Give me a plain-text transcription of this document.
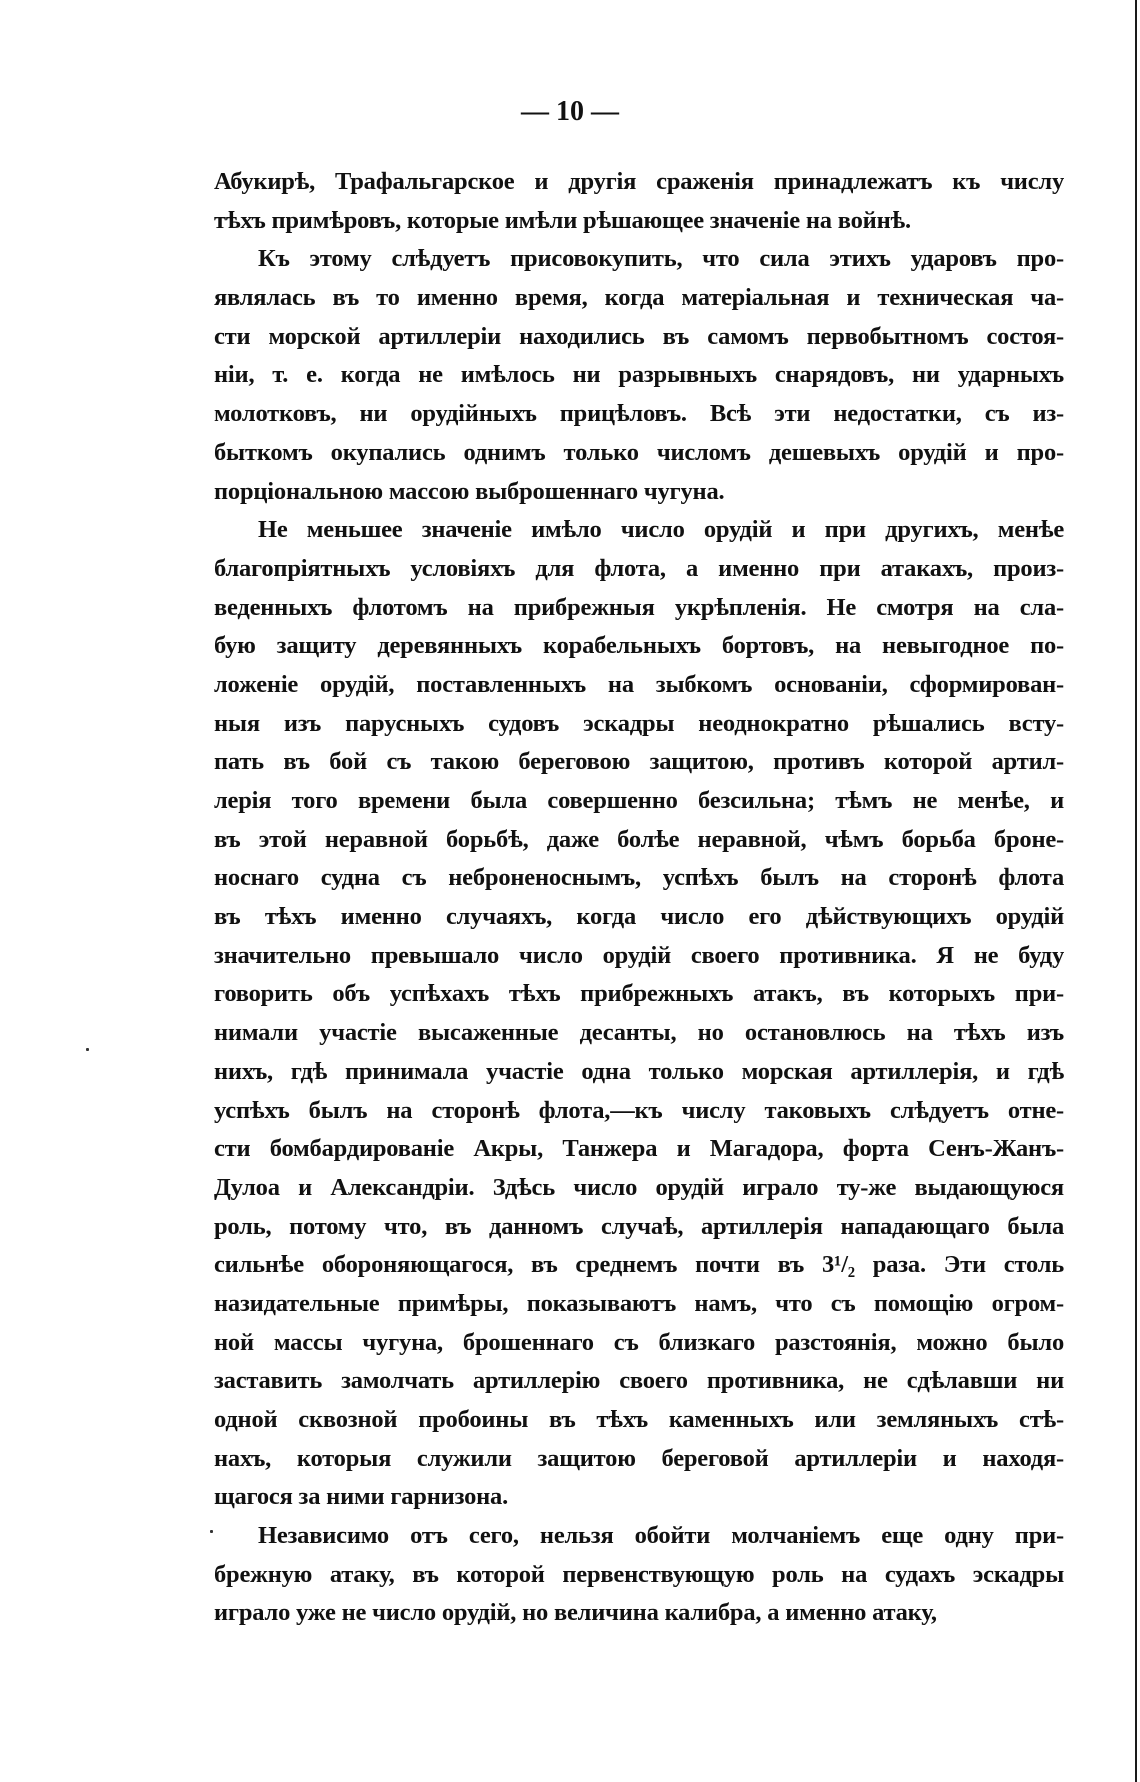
— 10 —
Абукирѣ, Трафальгарское и другія сраженія принадлежатъ къ числу
тѣхъ примѣровъ, которые имѣли рѣшающее значеніе на войнѣ.
Къ этому слѣдуетъ присовокупить, что сила этихъ ударовъ про-
являлась въ то именно время, когда матеріальная и техническая ча-
сти морской артиллеріи находились въ самомъ первобытномъ состоя-
ніи, т. е. когда не имѣлось ни разрывныхъ снарядовъ, ни ударныхъ
молотковъ, ни орудійныхъ прицѣловъ. Всѣ эти недостатки, съ из-
быткомъ окупались однимъ только числомъ дешевыхъ орудій и про-
порціональною массою выброшеннаго чугуна.
Не меньшее значеніе имѣло число орудій и при другихъ, менѣе
благопріятныхъ условіяхъ для флота, а именно при атакахъ, произ-
веденныхъ флотомъ на прибрежныя укрѣпленія. Не смотря на сла-
бую защиту деревянныхъ корабельныхъ бортовъ, на невыгодное по-
ложеніе орудій, поставленныхъ на зыбкомъ основаніи, сформирован-
ныя изъ парусныхъ судовъ эскадры неоднократно рѣшались всту-
пать въ бой съ такою береговою защитою, противъ которой артил-
лерія того времени была совершенно безсильна; тѣмъ не менѣе, и
въ этой неравной борьбѣ, даже болѣе неравной, чѣмъ борьба броне-
носнаго судна съ неброненоснымъ, успѣхъ былъ на сторонѣ флота
въ тѣхъ именно случаяхъ, когда число его дѣйствующихъ орудій
значительно превышало число орудій своего противника. Я не буду
говорить объ успѣхахъ тѣхъ прибрежныхъ атакъ, въ которыхъ при-
нимали участіе высаженные десанты, но остановлюсь на тѣхъ изъ
нихъ, гдѣ принимала участіе одна только морская артиллерія, и гдѣ
успѣхъ былъ на сторонѣ флота,—къ числу таковыхъ слѣдуетъ отне-
сти бомбардированіе Акры, Танжера и Магадора, форта Сенъ-Жанъ-
Дулоа и Александріи. Здѣсь число орудій играло ту-же выдающуюся
роль, потому что, въ данномъ случаѣ, артиллерія нападающаго была
сильнѣе обороняющагося, въ среднемъ почти въ 3¹/₂ раза. Эти столь
назидательные примѣры, показываютъ намъ, что съ помощію огром-
ной массы чугуна, брошеннаго съ близкаго разстоянія, можно было
заставить замолчать артиллерію своего противника, не сдѣлавши ни
одной сквозной пробоины въ тѣхъ каменныхъ или земляныхъ стѣ-
нахъ, которыя служили защитою береговой артиллеріи и находя-
щагося за ними гарнизона.
Независимо отъ сего, нельзя обойти молчаніемъ еще одну при-
брежную атаку, въ которой первенствующую роль на судахъ эскадры
играло уже не число орудій, но величина калибра, а именно атаку,
